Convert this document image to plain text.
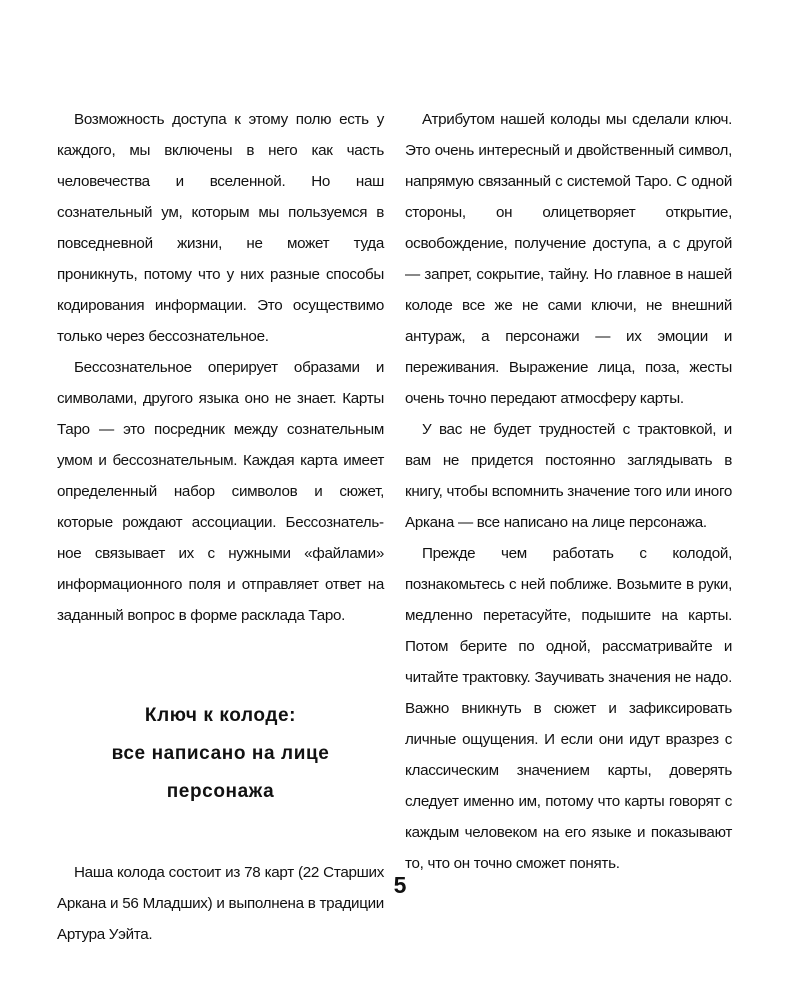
Возможность доступа к этому полю есть у каждого, мы включены в него как часть человечества и вселенной. Но наш сознательный ум, которым мы пользуемся в повседневной жизни, не может туда проникнуть, потому что у них разные способы кодирования информации. Это осуществимо только через бессознательное.

Бессознательное оперирует образами и символами, другого языка оно не знает. Карты Таро — это посредник между сознательным умом и бессознательным. Каждая карта имеет определенный набор символов и сюжет, которые рождают ассоциации. Бессознательное связывает их с нужными «файлами» информационного поля и отправляет ответ на заданный вопрос в форме расклада Таро.

Ключ к колоде:
все написано на лице
персонажа

Наша колода состоит из 78 карт (22 Старших Аркана и 56 Младших) и выполнена в традиции Артура Уэйта.

Атрибутом нашей колоды мы сделали ключ. Это очень интересный и двойственный символ, напрямую связанный с системой Таро. С одной стороны, он олицетворяет открытие, освобождение, получение доступа, а с другой — запрет, сокрытие, тайну. Но главное в нашей колоде все же не сами ключи, не внешний антураж, а персонажи — их эмоции и переживания. Выражение лица, поза, жесты очень точно передают атмосферу карты.

У вас не будет трудностей с трактовкой, и вам не придется постоянно заглядывать в книгу, чтобы вспомнить значение того или иного Аркана — все написано на лице персонажа.

Прежде чем работать с колодой, познакомьтесь с ней поближе. Возьмите в руки, медленно перетасуйте, подышите на карты. Потом берите по одной, рассматривайте и читайте трактовку. Заучивать значения не надо. Важно вникнуть в сюжет и зафиксировать личные ощущения. И если они идут вразрез с классическим значением карты, доверять следует именно им, потому что карты говорят с каждым человеком на его языке и показывают то, что он точно сможет понять.

5
